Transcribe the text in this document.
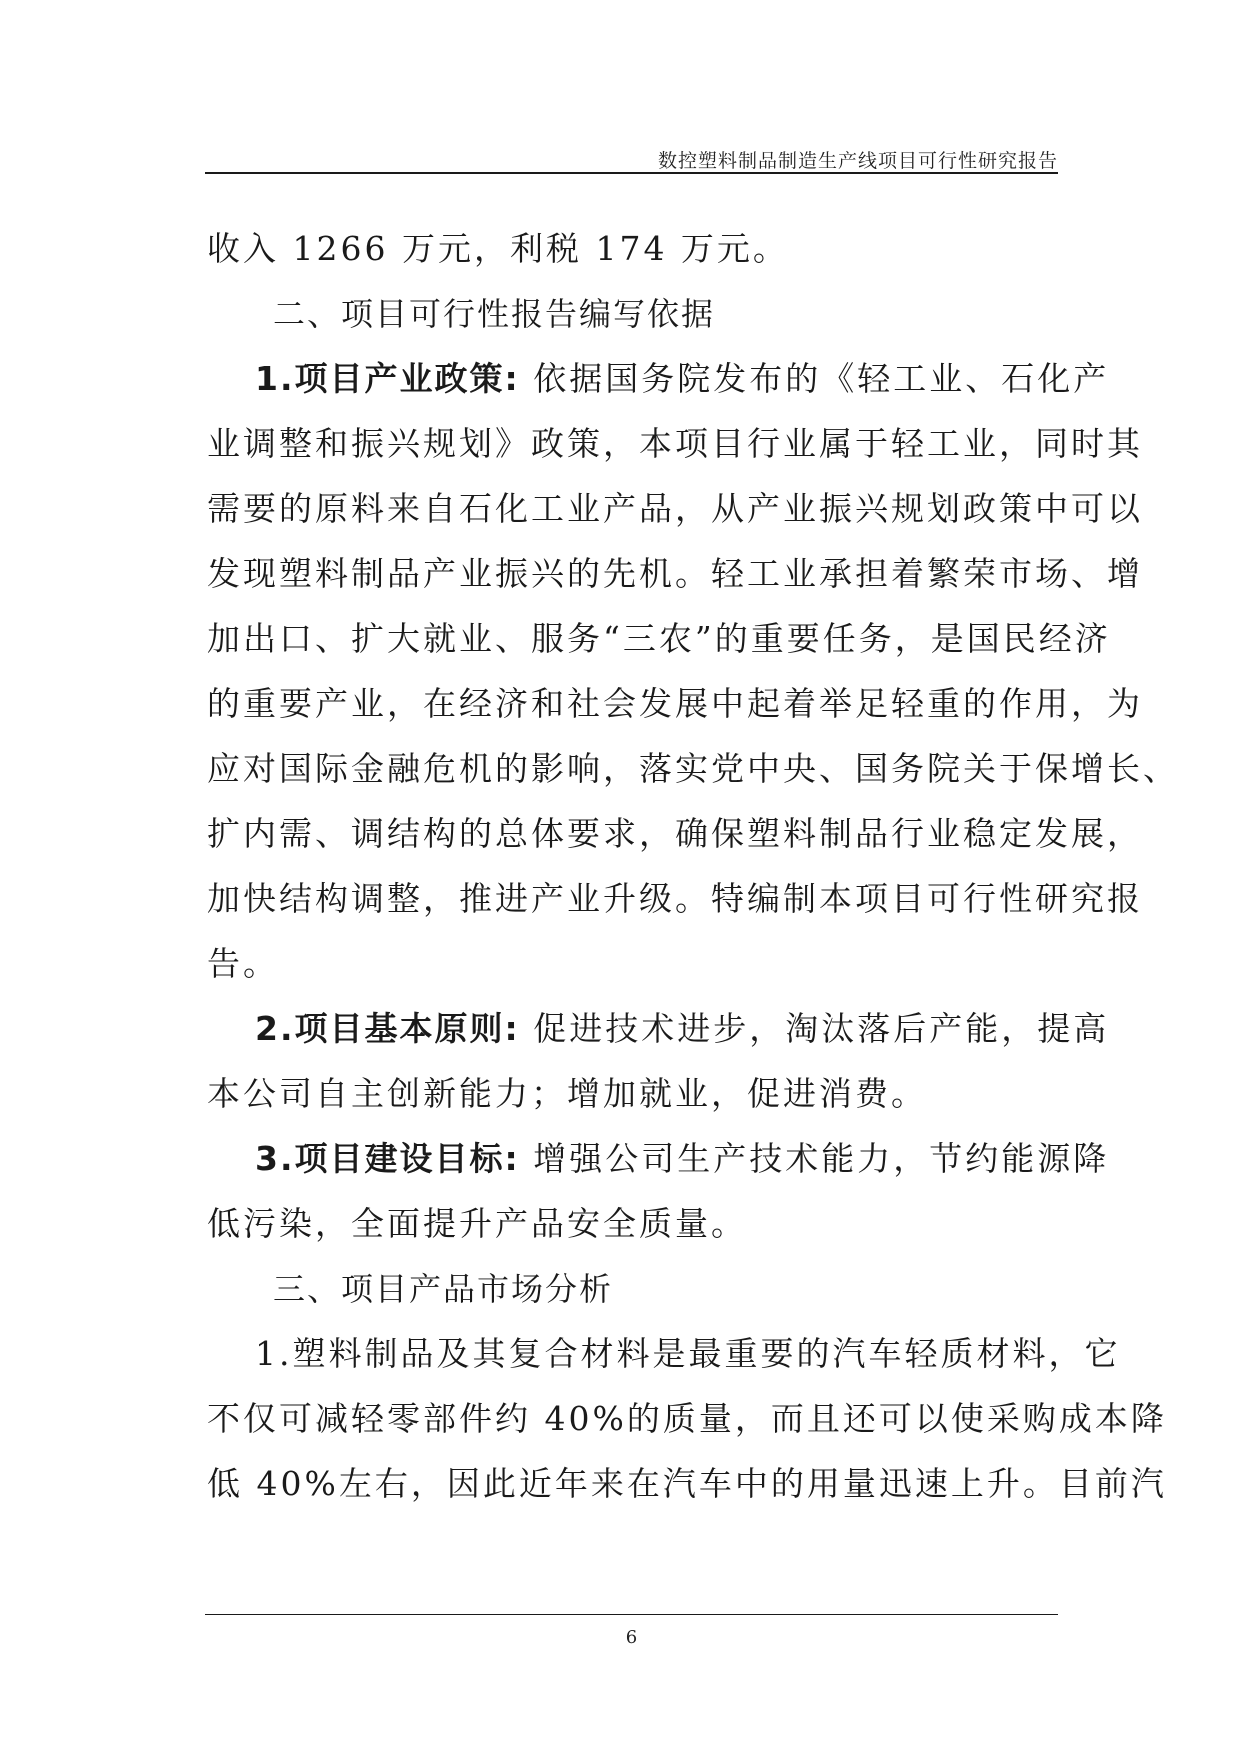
数控塑料制品制造生产线项目可行性研究报告
收入 1266 万元，利税 174 万元。
二、项目可行性报告编写依据
1.项目产业政策: 依据国务院发布的《轻工业、石化产
业调整和振兴规划》政策，本项目行业属于轻工业，同时其
需要的原料来自石化工业产品，从产业振兴规划政策中可以
发现塑料制品产业振兴的先机。轻工业承担着繁荣市场、增
加出口、扩大就业、服务“三农”的重要任务，是国民经济
的重要产业，在经济和社会发展中起着举足轻重的作用，为
应对国际金融危机的影响，落实党中央、国务院关于保增长、
扩内需、调结构的总体要求，确保塑料制品行业稳定发展，
加快结构调整，推进产业升级。特编制本项目可行性研究报
告。
2.项目基本原则: 促进技术进步，淘汰落后产能，提高
本公司自主创新能力；增加就业，促进消费。
3.项目建设目标: 增强公司生产技术能力，节约能源降
低污染，全面提升产品安全质量。
三、项目产品市场分析
1.塑料制品及其复合材料是最重要的汽车轻质材料，它
不仅可减轻零部件约 40%的质量，而且还可以使采购成本降
低 40%左右，因此近年来在汽车中的用量迅速上升。目前汽
6
